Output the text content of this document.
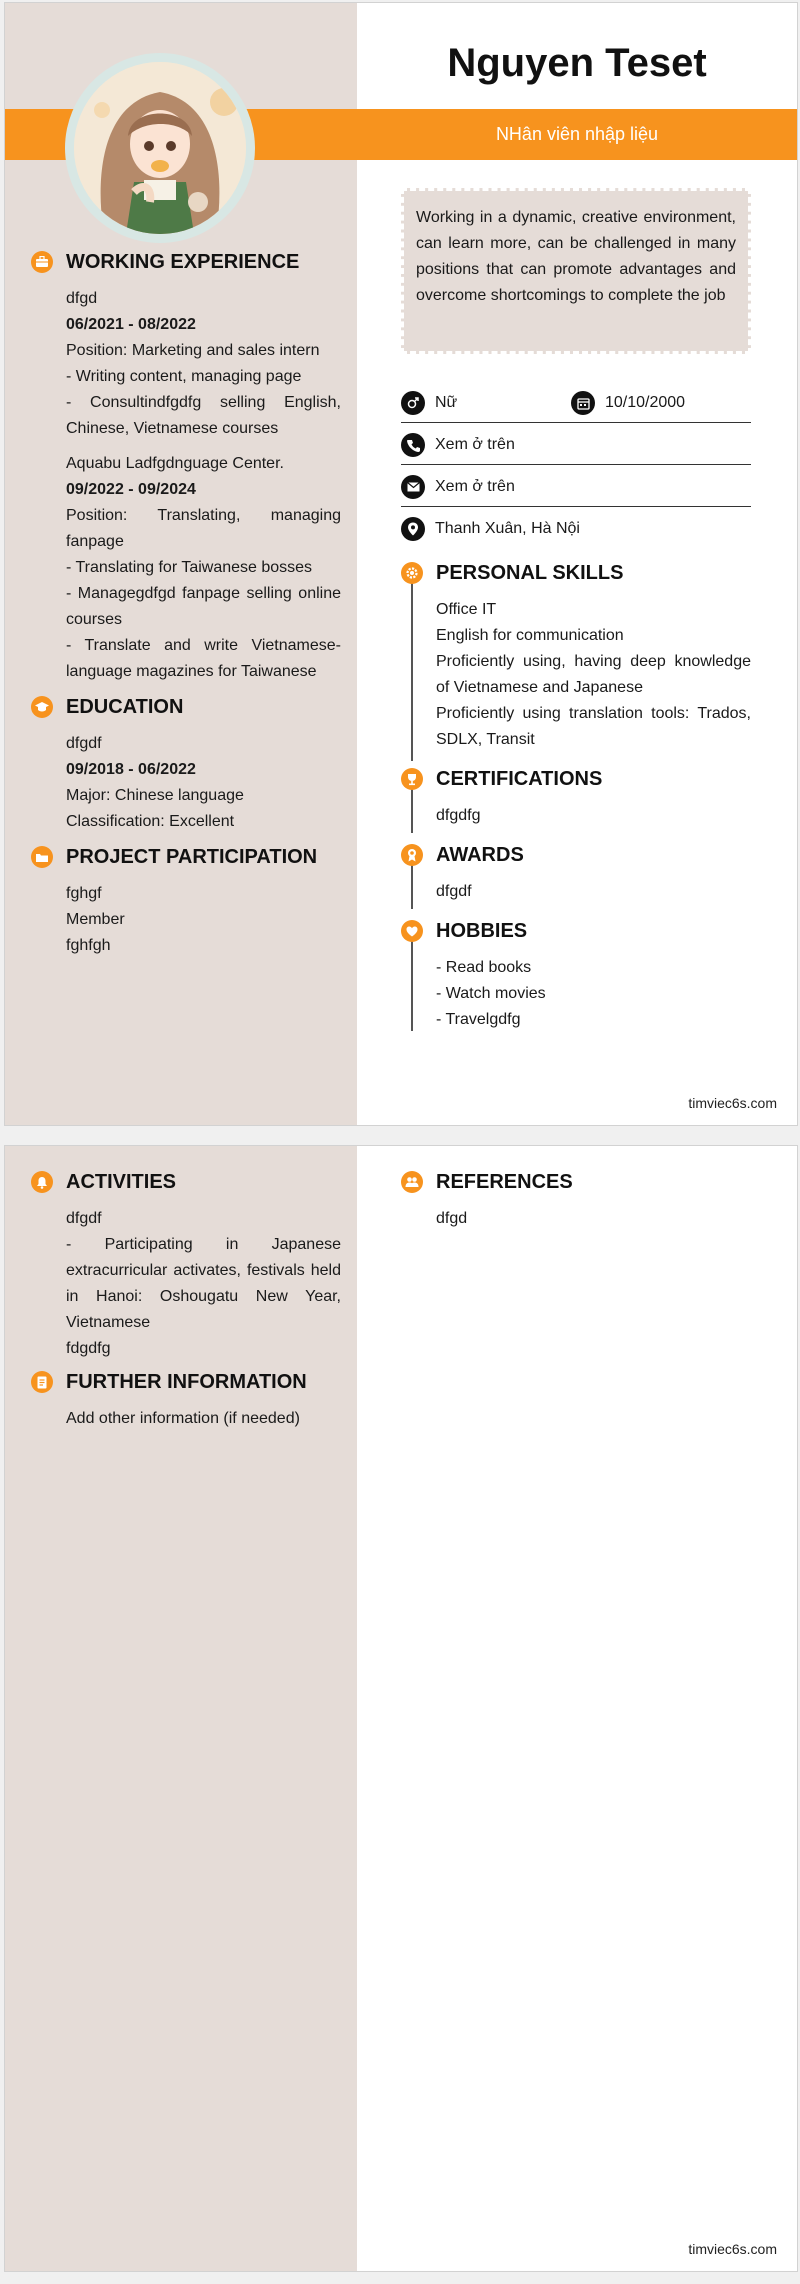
Nguyen Teset
NHân viên nhập liệu
WORKING EXPERIENCE

dfgd

06/2021 - 08/2022

Position: Marketing and sales intern

- Writing content, managing page

- Consultindfgdfg selling English, Chinese, Vietnamese courses

Aquabu Ladfgdnguage Center.

09/2022 - 09/2024

Position: Translating, managing fanpage

- Translating for Taiwanese bosses

- Managegdfgd fanpage selling online courses

- Translate and write Vietnamese-language magazines for Taiwanese

EDUCATION

dfgdf

09/2018 - 06/2022

Major: Chinese language

Classification: Excellent

PROJECT PARTICIPATION

fghgf

Member

fghfgh

Working in a dynamic, creative environment, can learn more, can be challenged in many positions that can promote advantages and overcome shortcomings to complete the job
Nữ	10/10/2000
Xem ở trên
Xem ở trên
Thanh Xuân, Hà Nội
PERSONAL SKILLS

Office IT

English for communication

Proficiently using, having deep knowledge of Vietnamese and Japanese

Proficiently using translation tools: Trados, SDLX, Transit

CERTIFICATIONS

dfgdfg

AWARDS

dfgdf

HOBBIES

- Read books

- Watch movies

- Travelgdfg

timviec6s.com
ACTIVITIES

dfgdf

- Participating in Japanese extracurricular activates, festivals held in Hanoi: Oshougatu New Year, Vietnamese

fdgdfg

FURTHER INFORMATION

Add other information (if needed)

REFERENCES

dfgd

timviec6s.com
